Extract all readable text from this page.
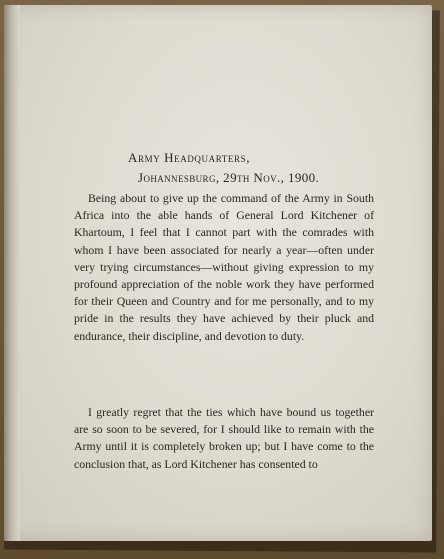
Army Headquarters,
Johannesburg, 29th Nov., 1900.
Being about to give up the command of the Army in South Africa into the able hands of General Lord Kitchener of Khartoum, I feel that I cannot part with the comrades with whom I have been associated for nearly a year—often under very trying circumstances—without giving expression to my profound appreciation of the noble work they have performed for their Queen and Country and for me personally, and to my pride in the results they have achieved by their pluck and endurance, their discipline, and devotion to duty.
I greatly regret that the ties which have bound us together are so soon to be severed, for I should like to remain with the Army until it is completely broken up; but I have come to the conclusion that, as Lord Kitchener has consented to
